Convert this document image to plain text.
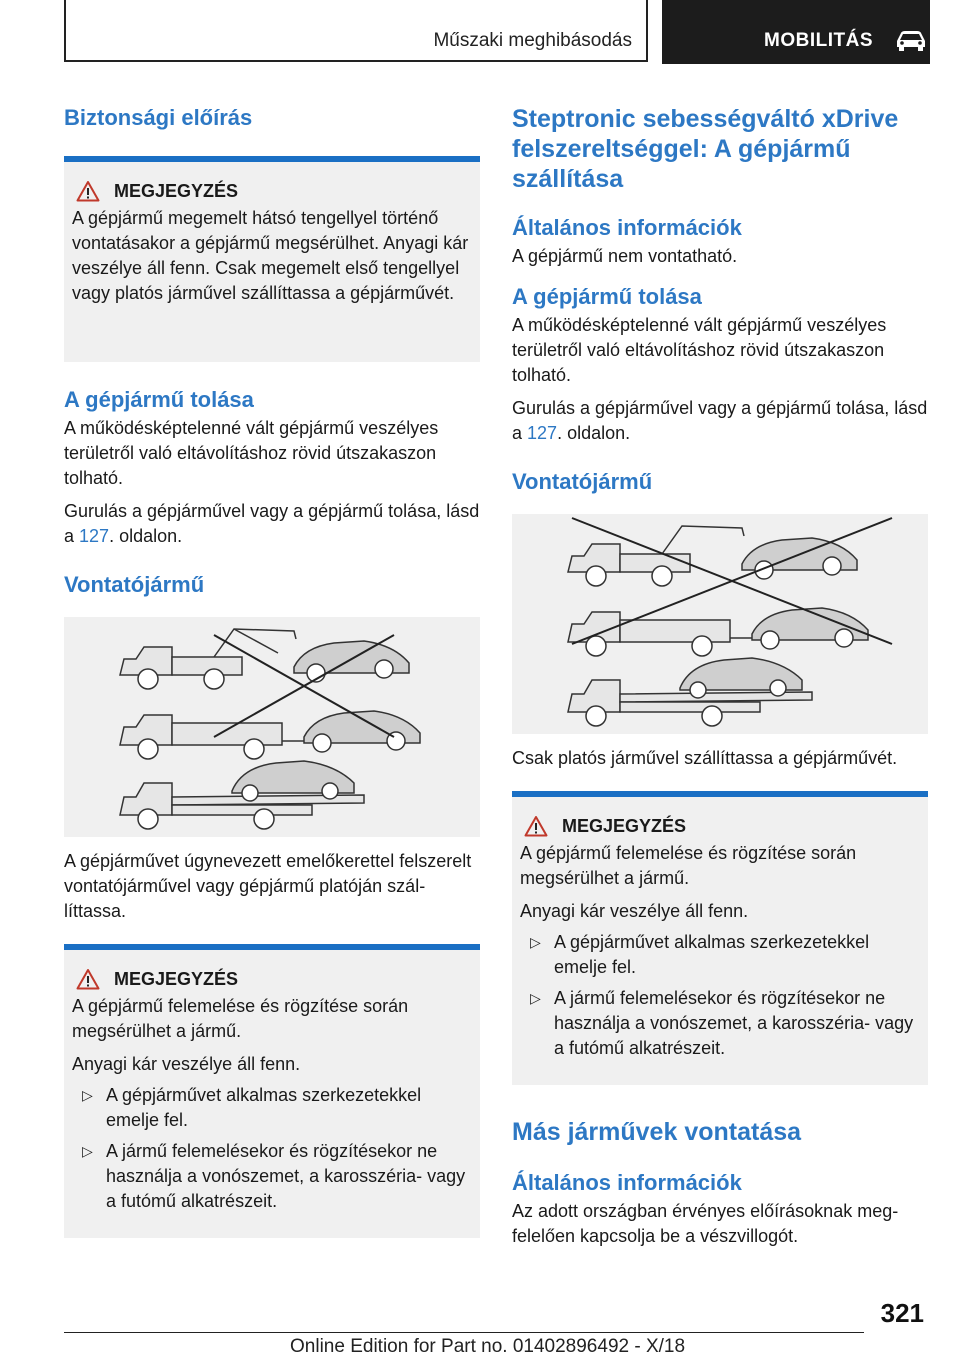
Műszaki meghibásodás	MOBILITÁS

Biztonsági előírás

MEGJEGYZÉS

A gépjármű megemelt hátsó tengellyel történő vontatásakor a gépjármű megsérülhet. Anyagi kár veszélye áll fenn. Csak megemelt első tengellyel vagy platós járművel szállíttassa a gépjárművét.

A gépjármű tolása

A működésképtelenné vált gépjármű veszélyes területről való eltávolításhoz rövid útszakaszon tolható.

Gurulás a gépjárművel vagy a gépjármű tolása, lásd a 127. oldalon.

Vontatójármű

A gépjárművet úgynevezett emelőkerettel felszerelt vontatójárművel vagy gépjármű platóján szállíttassa.

MEGJEGYZÉS

A gépjármű felemelése és rögzítése során megsérülhet a jármű.

Anyagi kár veszélye áll fenn.

▷ A gépjárművet alkalmas szerkezetekkel emelje fel.
▷ A jármű felemelésekor és rögzítésekor ne használja a vonószemet, a karosszéria- vagy a futómű alkatrészeit.

Steptronic sebességváltó xDrive felszereltséggel: A gépjármű szállítása

Általános információk

A gépjármű nem vontatható.

A gépjármű tolása

A működésképtelenné vált gépjármű veszélyes területről való eltávolításhoz rövid útszakaszon tolható.

Gurulás a gépjárművel vagy a gépjármű tolása, lásd a 127. oldalon.

Vontatójármű

Csak platós járművel szállíttassa a gépjárművét.

MEGJEGYZÉS

A gépjármű felemelése és rögzítése során megsérülhet a jármű.

Anyagi kár veszélye áll fenn.

▷ A gépjárművet alkalmas szerkezetekkel emelje fel.
▷ A jármű felemelésekor és rögzítésekor ne használja a vonószemet, a karosszéria- vagy a futómű alkatrészeit.

Más járművek vontatása

Általános információk

Az adott országban érvényes előírásoknak megfelelően kapcsolja be a vészvillogót.

321
Online Edition for Part no. 01402896492 - X/18
